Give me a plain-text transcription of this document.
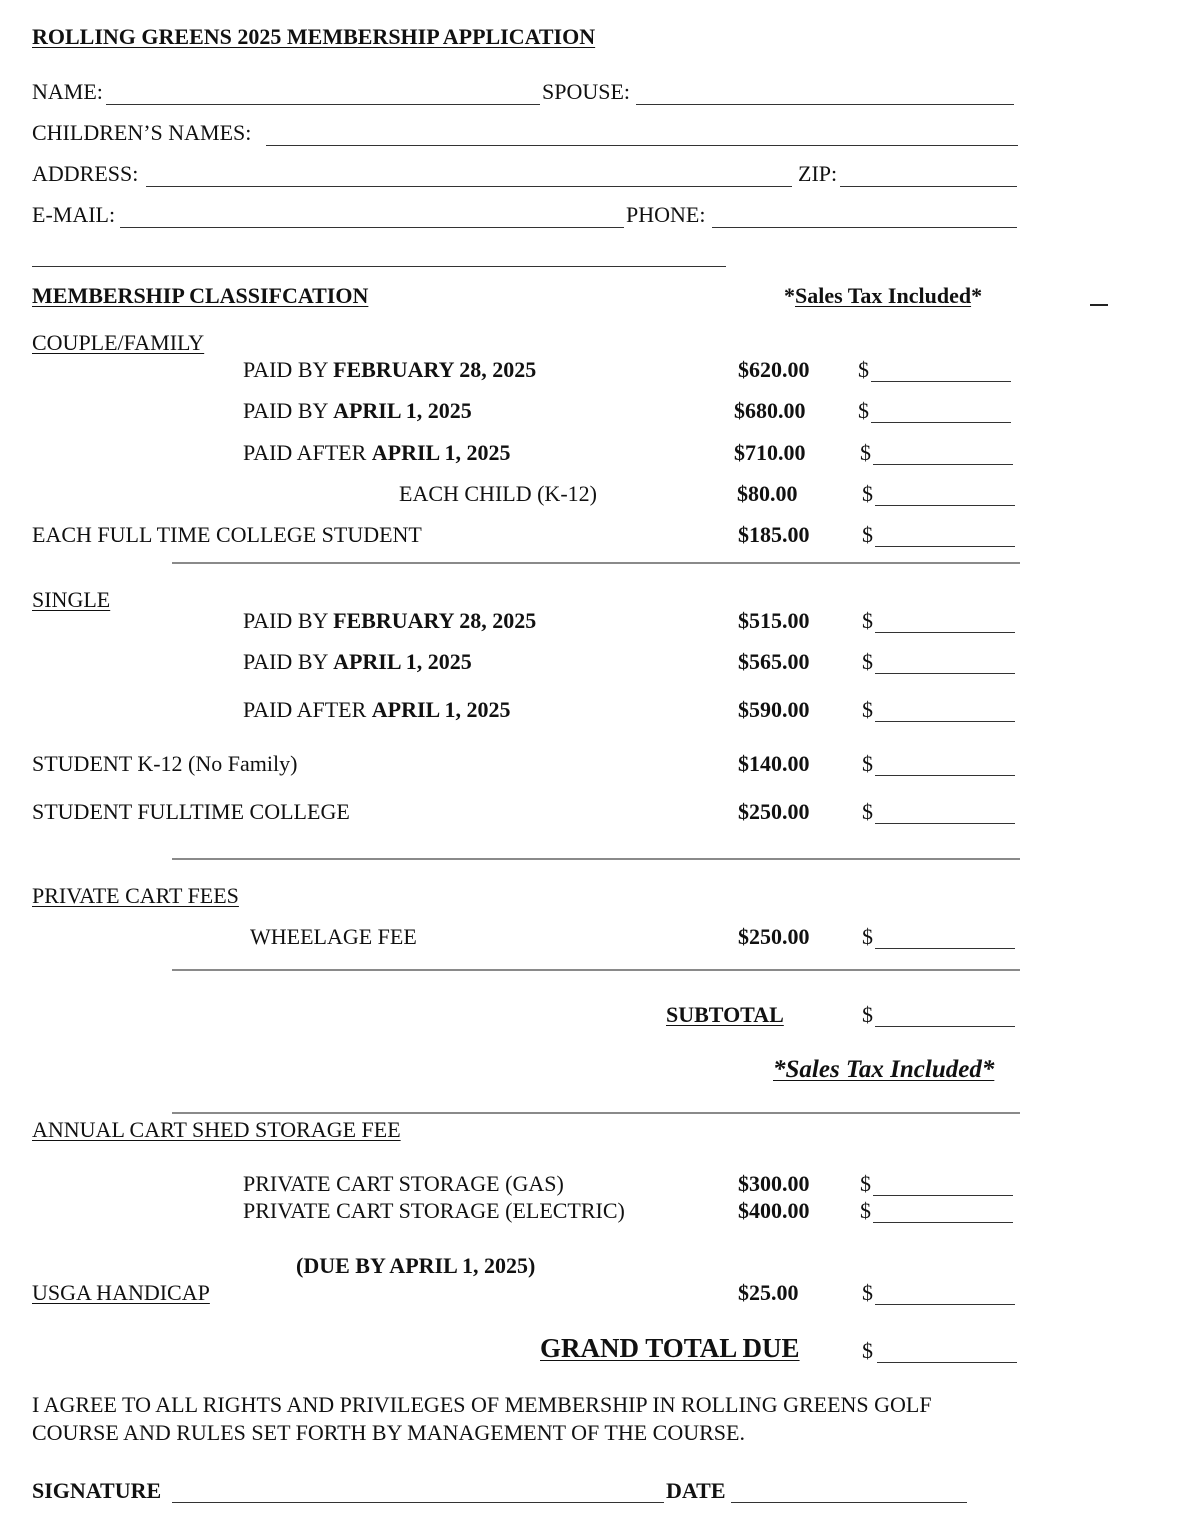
ROLLING GREENS 2025 MEMBERSHIP APPLICATION
NAME:	SPOUSE:
CHILDREN’S NAMES:
ADDRESS:	ZIP:
E-MAIL:	PHONE:
MEMBERSHIP CLASSIFCATION	*Sales Tax Included*
COUPLE/FAMILY
PAID BY FEBRUARY 28, 2025	$620.00 $
PAID BY APRIL 1, 2025	$680.00 $
PAID AFTER APRIL 1, 2025	$710.00 $
EACH CHILD (K-12)	$80.00	$
EACH FULL TIME COLLEGE STUDENT	$185.00 $
SINGLE
PAID BY FEBRUARY 28, 2025	$515.00 $
PAID BY APRIL 1, 2025	$565.00 $
PAID AFTER APRIL 1, 2025	$590.00 $
STUDENT K-12 (No Family)	$140.00 $
STUDENT FULLTIME COLLEGE	$250.00 $
PRIVATE CART FEES
WHEELAGE FEE	$250.00 $
SUBTOTAL	$
*Sales Tax Included*
ANNUAL CART SHED STORAGE FEE
PRIVATE CART STORAGE (GAS)	$300.00 $
PRIVATE CART STORAGE (ELECTRIC)	$400.00 $
(DUE BY APRIL 1, 2025)
USGA HANDICAP	$25.00	$
GRAND TOTAL DUE	$
I AGREE TO ALL RIGHTS AND PRIVILEGES OF MEMBERSHIP IN ROLLING GREENS GOLF
COURSE AND RULES SET FORTH BY MANAGEMENT OF THE COURSE.
SIGNATURE	DATE
